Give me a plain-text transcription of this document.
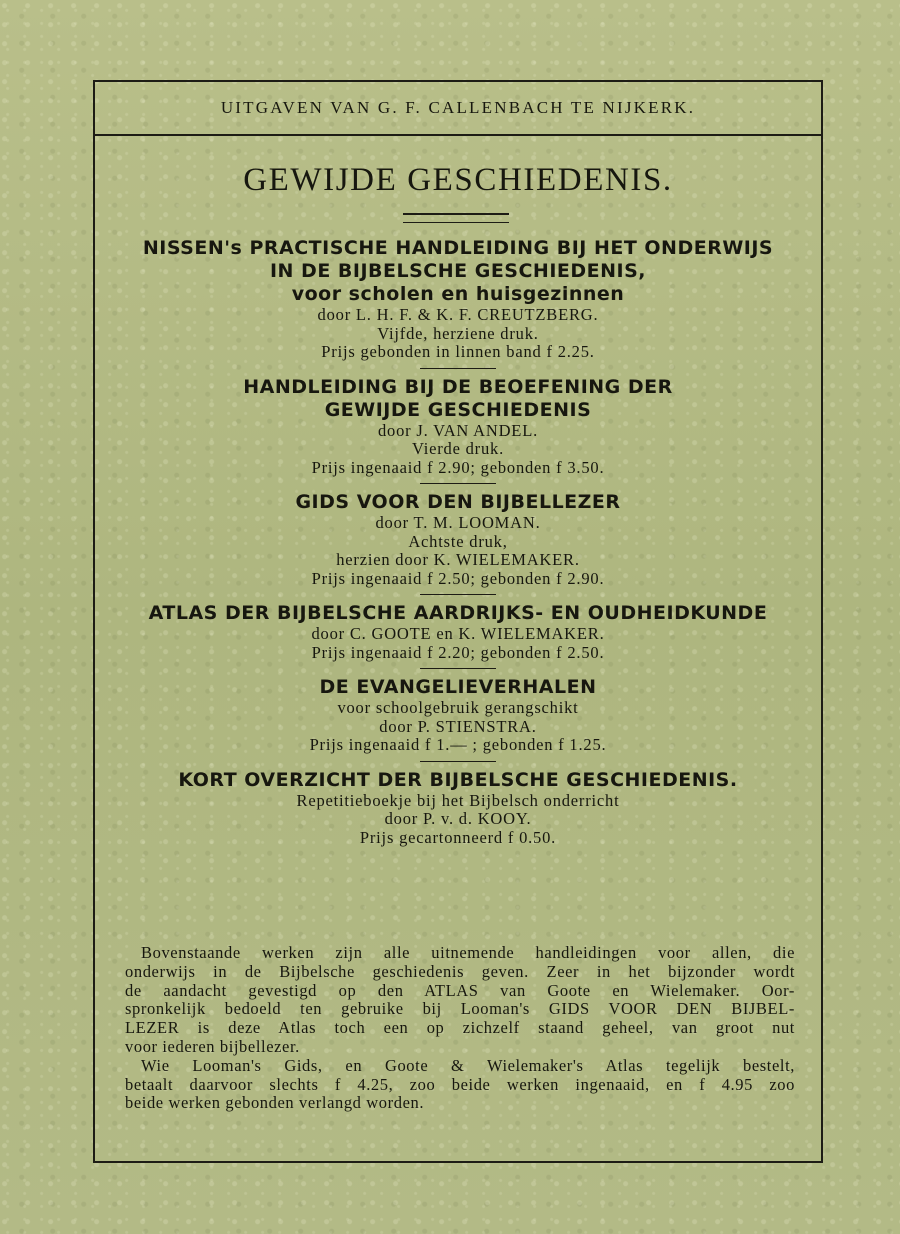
UITGAVEN VAN G. F. CALLENBACH TE NIJKERK.
GEWIJDE GESCHIEDENIS.
NISSEN's PRACTISCHE HANDLEIDING BIJ HET ONDERWIJS
IN DE BIJBELSCHE GESCHIEDENIS,
voor scholen en huisgezinnen
door L. H. F. & K. F. CREUTZBERG.
Vijfde, herziene druk.
Prijs gebonden in linnen band f 2.25.
HANDLEIDING BIJ DE BEOEFENING DER
GEWIJDE GESCHIEDENIS
door J. VAN ANDEL.
Vierde druk.
Prijs ingenaaid f 2.90; gebonden f 3.50.
GIDS VOOR DEN BIJBELLEZER
door T. M. LOOMAN.
Achtste druk,
herzien door K. WIELEMAKER.
Prijs ingenaaid f 2.50; gebonden f 2.90.
ATLAS DER BIJBELSCHE AARDRIJKS- EN OUDHEIDKUNDE
door C. GOOTE en K. WIELEMAKER.
Prijs ingenaaid f 2.20; gebonden f 2.50.
DE EVANGELIEVERHALEN
voor schoolgebruik gerangschikt
door P. STIENSTRA.
Prijs ingenaaid f 1.— ; gebonden f 1.25.
KORT OVERZICHT DER BIJBELSCHE GESCHIEDENIS.
Repetitieboekje bij het Bijbelsch onderricht
door P. v. d. KOOY.
Prijs gecartonneerd f 0.50.
Bovenstaande werken zijn alle uitnemende handleidingen voor allen, die
onderwijs in de Bijbelsche geschiedenis geven. Zeer in het bijzonder wordt
de aandacht gevestigd op den ATLAS van Goote en Wielemaker. Oor-
spronkelijk bedoeld ten gebruike bij Looman's GIDS VOOR DEN BIJBEL-
LEZER is deze Atlas toch een op zichzelf staand geheel, van groot nut
voor iederen bijbellezer.
Wie Looman's Gids, en Goote & Wielemaker's Atlas tegelijk bestelt,
betaalt daarvoor slechts f 4.25, zoo beide werken ingenaaid, en f 4.95 zoo
beide werken gebonden verlangd worden.
